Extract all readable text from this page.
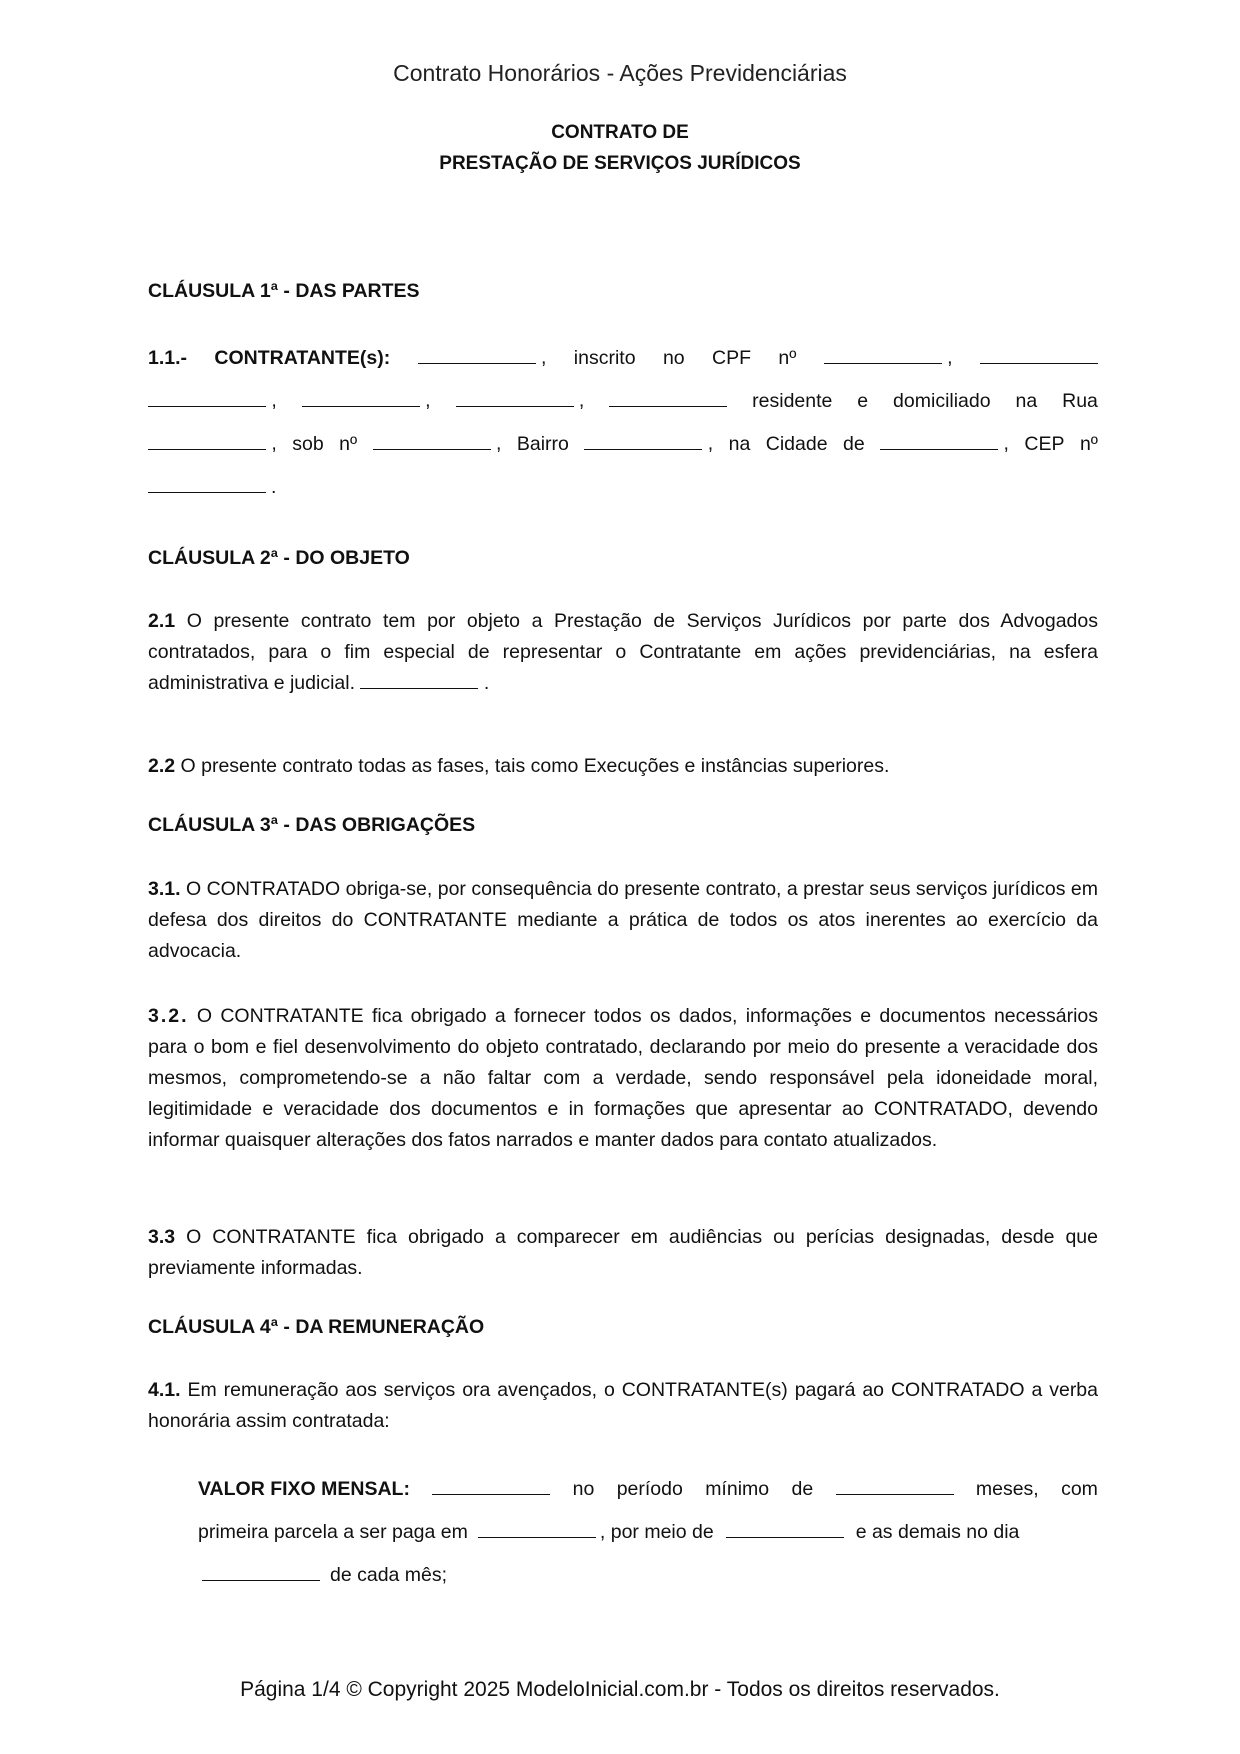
Contrato Honorários - Ações Previdenciárias
CONTRATO DE
PRESTAÇÃO DE SERVIÇOS JURÍDICOS
CLÁUSULA 1ª - DAS PARTES
1.1.- CONTRATANTE(s):	, inscrito no CPF nº	,
,	,	,	residente e domiciliado na Rua
, sob nº	, Bairro	, na Cidade de	, CEP nº
.
CLÁUSULA 2ª - DO OBJETO
2.1 O presente contrato tem por objeto a Prestação de Serviços Jurídicos por parte dos Advogados contratados, para o fim especial de representar o Contratante em ações previdenciárias, na esfera administrativa e judicial.	.
2.2 O presente contrato todas as fases, tais como Execuções e instâncias superiores.
CLÁUSULA 3ª - DAS OBRIGAÇÕES
3.1. O CONTRATADO obriga-se, por consequência do presente contrato, a prestar seus serviços jurídicos em defesa dos direitos do CONTRATANTE mediante a prática de todos os atos inerentes ao exercício da advocacia.
3.2. O CONTRATANTE fica obrigado a fornecer todos os dados, informações e documentos necessários para o bom e fiel desenvolvimento do objeto contratado, declarando por meio do presente a veracidade dos mesmos, comprometendo-se a não faltar com a verdade, sendo responsável pela idoneidade moral, legitimidade e veracidade dos documentos e in formações que apresentar ao CONTRATADO, devendo informar quaisquer alterações dos fatos narrados e manter dados para contato atualizados.
3.3 O CONTRATANTE fica obrigado a comparecer em audiências ou perícias designadas, desde que previamente informadas.
CLÁUSULA 4ª - DA REMUNERAÇÃO
4.1. Em remuneração aos serviços ora avençados, o CONTRATANTE(s) pagará ao CONTRATADO a verba honorária assim contratada:
VALOR FIXO MENSAL:	no período mínimo de	meses, com
primeira parcela a ser paga em	, por meio de	e as demais no dia
de cada mês;
Página 1/4 © Copyright 2025 ModeloInicial.com.br - Todos os direitos reservados.
